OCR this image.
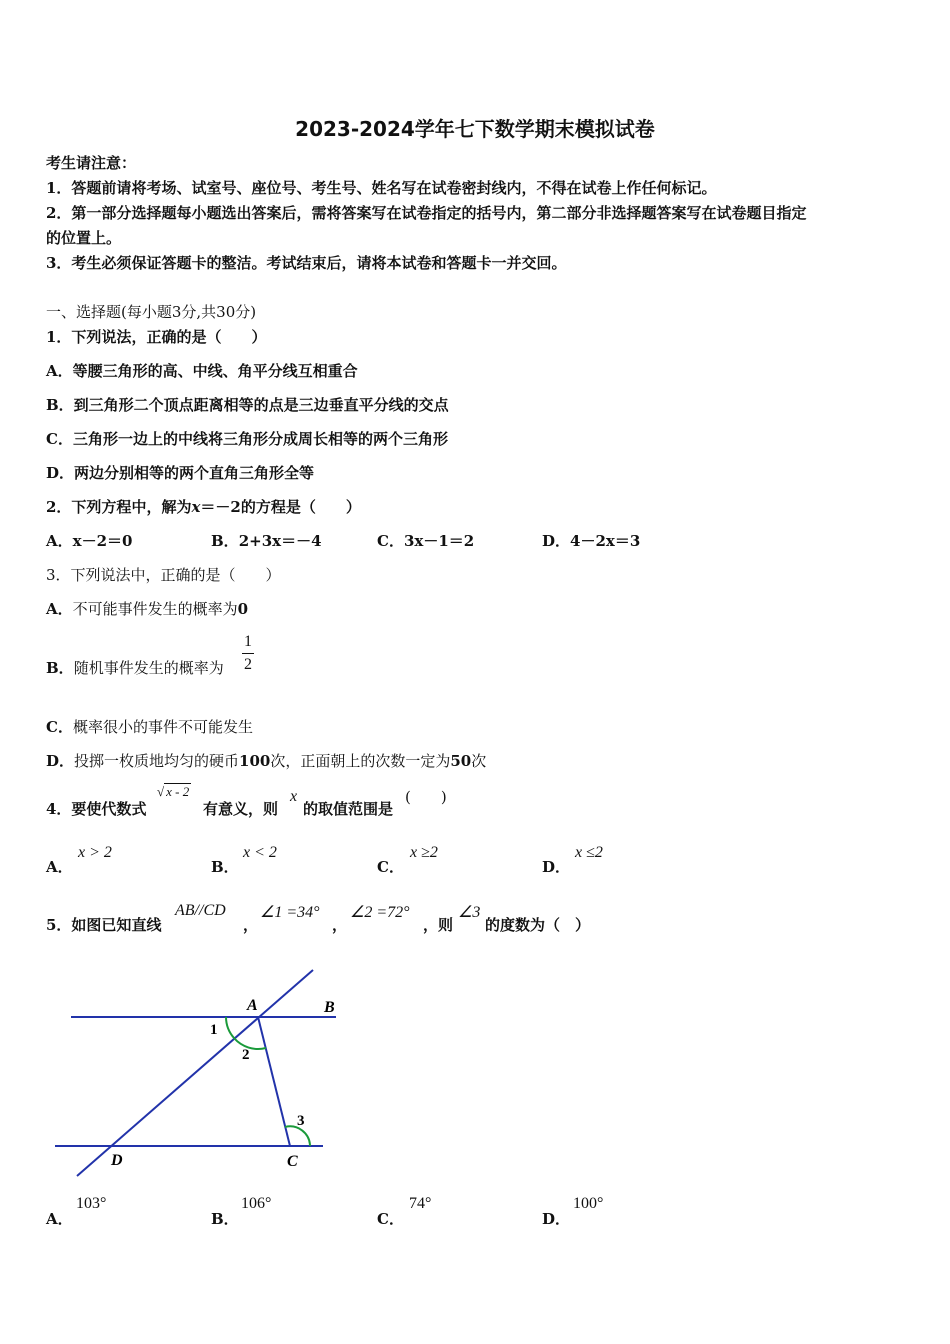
2023-2024学年七下数学期末模拟试卷
考生请注意：
1．答题前请将考场、试室号、座位号、考生号、姓名写在试卷密封线内，不得在试卷上作任何标记。
2．第一部分选择题每小题选出答案后，需将答案写在试卷指定的括号内，第二部分非选择题答案写在试卷题目指定
的位置上。
3．考生必须保证答题卡的整洁。考试结束后，请将本试卷和答题卡一并交回。
一、选择题(每小题3分,共30分)
1．下列说法，正确的是（　　）
A．等腰三角形的高、中线、角平分线互相重合
B．到三角形二个顶点距离相等的点是三边垂直平分线的交点
C．三角形一边上的中线将三角形分成周长相等的两个三角形
D．两边分别相等的两个直角三角形全等
2．下列方程中，解为x＝－2的方程是（　　）
A．x－2＝0	B．2+3x＝－4	C．3x－1＝2	D．4－2x＝3
3．下列说法中，正确的是（　　）
A．不可能事件发生的概率为0
B．随机事件发生的概率为
1
2
C．概率很小的事件不可能发生
D．投掷一枚质地均匀的硬币100次，正面朝上的次数一定为50次
4．要使代数式
√ x - 2
有意义，则
x
的取值范围是
(　　)
A．
x > 2
B．
x < 2
C．
x ≥2
D．
x ≤2
5．如图已知直线
AB//CD
，
∠1 =34°
，
∠2 =72°
，则
∠3
的度数为（　）
A	B
C
D
1
2
3
A．
103°
B．
106°
C．
74°
D．
100°
